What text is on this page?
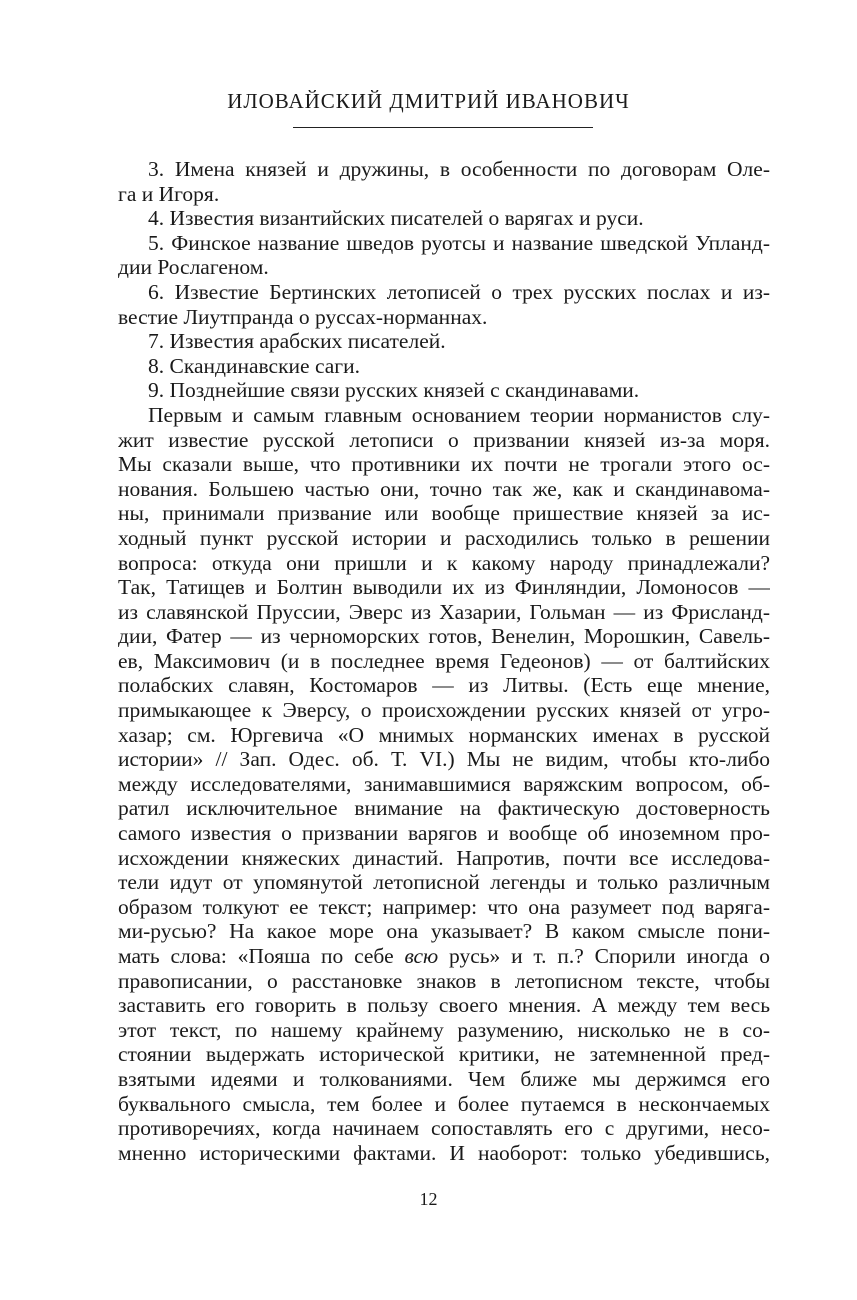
ИЛОВАЙСКИЙ ДМИТРИЙ ИВАНОВИЧ
3. Имена князей и дружины, в особенности по договорам Оле-
га и Игоря.
4. Известия византийских писателей о варягах и руси.
5. Финское название шведов руотсы и название шведской Упланд-
дии Рослагеном.
6. Известие Бертинских летописей о трех русских послах и из-
вестие Лиутпранда о руссах-норманнах.
7. Известия арабских писателей.
8. Скандинавские саги.
9. Позднейшие связи русских князей с скандинавами.
Первым и самым главным основанием теории норманистов слу-
жит известие русской летописи о призвании князей из-за моря.
Мы сказали выше, что противники их почти не трогали этого ос-
нования. Большею частью они, точно так же, как и скандинавома-
ны, принимали призвание или вообще пришествие князей за ис-
ходный пункт русской истории и расходились только в решении
вопроса: откуда они пришли и к какому народу принадлежали?
Так, Татищев и Болтин выводили их из Финляндии, Ломоносов —
из славянской Пруссии, Эверс из Хазарии, Гольман — из Фрисланд-
дии, Фатер — из черноморских готов, Венелин, Морошкин, Савель-
ев, Максимович (и в последнее время Гедеонов) — от балтийских
полабских славян, Костомаров — из Литвы. (Есть еще мнение,
примыкающее к Эверсу, о происхождении русских князей от угро-
хазар; см. Юргевича «О мнимых норманских именах в русской
истории» // Зап. Одес. об. Т. VI.) Мы не видим, чтобы кто-либо
между исследователями, занимавшимися варяжским вопросом, об-
ратил исключительное внимание на фактическую достоверность
самого известия о призвании варягов и вообще об иноземном про-
исхождении княжеских династий. Напротив, почти все исследова-
тели идут от упомянутой летописной легенды и только различным
образом толкуют ее текст; например: что она разумеет под варяга-
ми-русью? На какое море она указывает? В каком смысле пони-
мать слова: «Пояша по себе всю русь» и т. п.? Спорили иногда о
правописании, о расстановке знаков в летописном тексте, чтобы
заставить его говорить в пользу своего мнения. А между тем весь
этот текст, по нашему крайнему разумению, нисколько не в со-
стоянии выдержать исторической критики, не затемненной пред-
взятыми идеями и толкованиями. Чем ближе мы держимся его
буквального смысла, тем более и более путаемся в нескончаемых
противоречиях, когда начинаем сопоставлять его с другими, несо-
мненно историческими фактами. И наоборот: только убедившись,
12
